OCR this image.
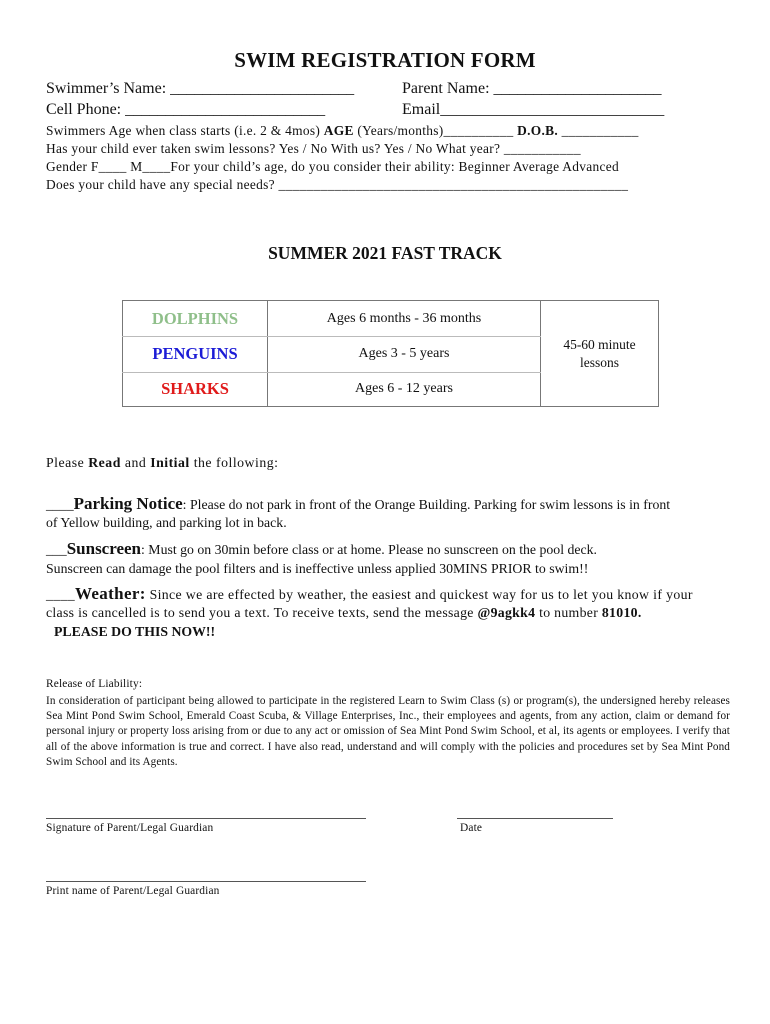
SWIM REGISTRATION FORM
Swimmer’s Name: _______________________	Parent Name: _____________________
Cell Phone: _________________________	Email____________________________
Swimmers Age when class starts (i.e. 2 & 4mos) AGE (Years/months)__________ D.O.B. ___________
Has your child ever taken swim lessons? Yes / No With us? Yes / No What year? ___________
Gender F____ M____For your child’s age, do you consider their ability: Beginner Average Advanced
Does your child have any special needs? __________________________________________________
SUMMER 2021 FAST TRACK
DOLPHINS	Ages 6 months - 36 months	45-60 minute
lessons

PENGUINS	Ages 3 - 5 years	
SHARKS	Ages 6 - 12 years	
Please Read and Initial the following:
____Parking Notice: Please do not park in front of the Orange Building. Parking for swim lessons is in front
of Yellow building, and parking lot in back.
___Sunscreen: Must go on 30min before class or at home. Please no sunscreen on the pool deck.
Sunscreen can damage the pool filters and is ineffective unless applied 30MINS PRIOR to swim!!
____Weather: Since we are effected by weather, the easiest and quickest way for us to let you know if your
class is cancelled is to send you a text. To receive texts, send the message @9agkk4 to number 81010.
PLEASE DO THIS NOW!!
Release of Liability:
In consideration of participant being allowed to participate in the registered Learn to Swim Class (s) or program(s), the undersigned hereby releases Sea Mint Pond Swim School, Emerald Coast Scuba, & Village Enterprises, Inc., their employees and agents, from any action, claim or demand for personal injury or property loss arising from or due to any act or omission of Sea Mint Pond Swim School, et al, its agents or employees. I verify that all of the above information is true and correct. I have also read, understand and will comply with the policies and procedures set by Sea Mint Pond Swim School and its Agents.
Signature of Parent/Legal Guardian	Date
Print name of Parent/Legal Guardian
